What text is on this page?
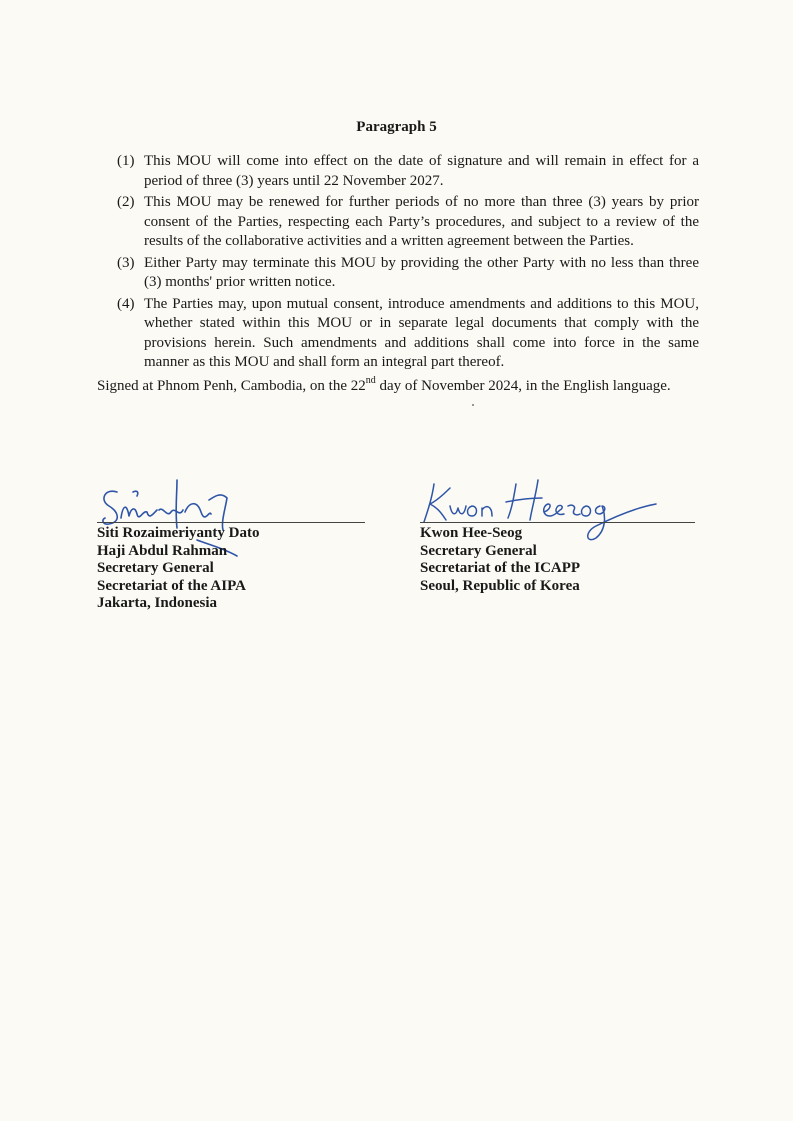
Paragraph 5
(1) This MOU will come into effect on the date of signature and will remain in effect for a period of three (3) years until 22 November 2027.
(2) This MOU may be renewed for further periods of no more than three (3) years by prior consent of the Parties, respecting each Party’s procedures, and subject to a review of the results of the collaborative activities and a written agreement between the Parties.
(3) Either Party may terminate this MOU by providing the other Party with no less than three (3) months' prior written notice.
(4) The Parties may, upon mutual consent, introduce amendments and additions to this MOU, whether stated within this MOU or in separate legal documents that comply with the provisions herein. Such amendments and additions shall come into force in the same manner as this MOU and shall form an integral part thereof.
Signed at Phnom Penh, Cambodia, on the 22nd day of November 2024, in the English language.
Siti Rozaimeriyanty Dato
Haji Abdul Rahman
Secretary General
Secretariat of the AIPA
Jakarta, Indonesia
Kwon Hee-Seog
Secretary General
Secretariat of the ICAPP
Seoul, Republic of Korea
